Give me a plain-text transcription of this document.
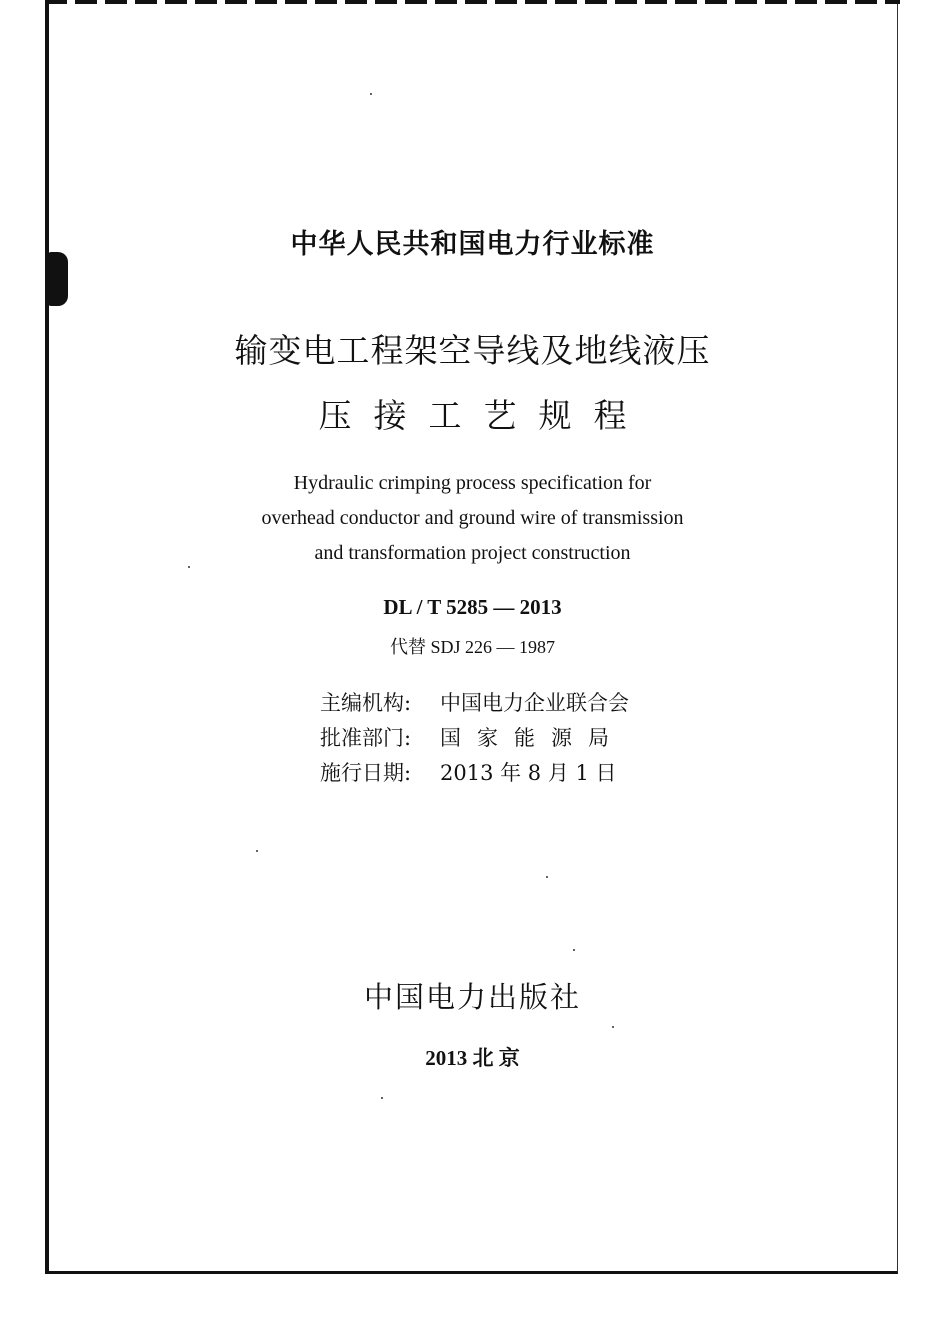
中华人民共和国电力行业标准
输变电工程架空导线及地线液压
压接工艺规程
Hydraulic crimping process specification for
overhead conductor and ground wire of transmission
and transformation project construction
DL / T 5285 — 2013
代替 SDJ 226 — 1987
主编机构: 中国电力企业联合会
批准部门: 国家能源局
施行日期: 2013 年 8 月 1 日
中国电力出版社
2013 北 京
